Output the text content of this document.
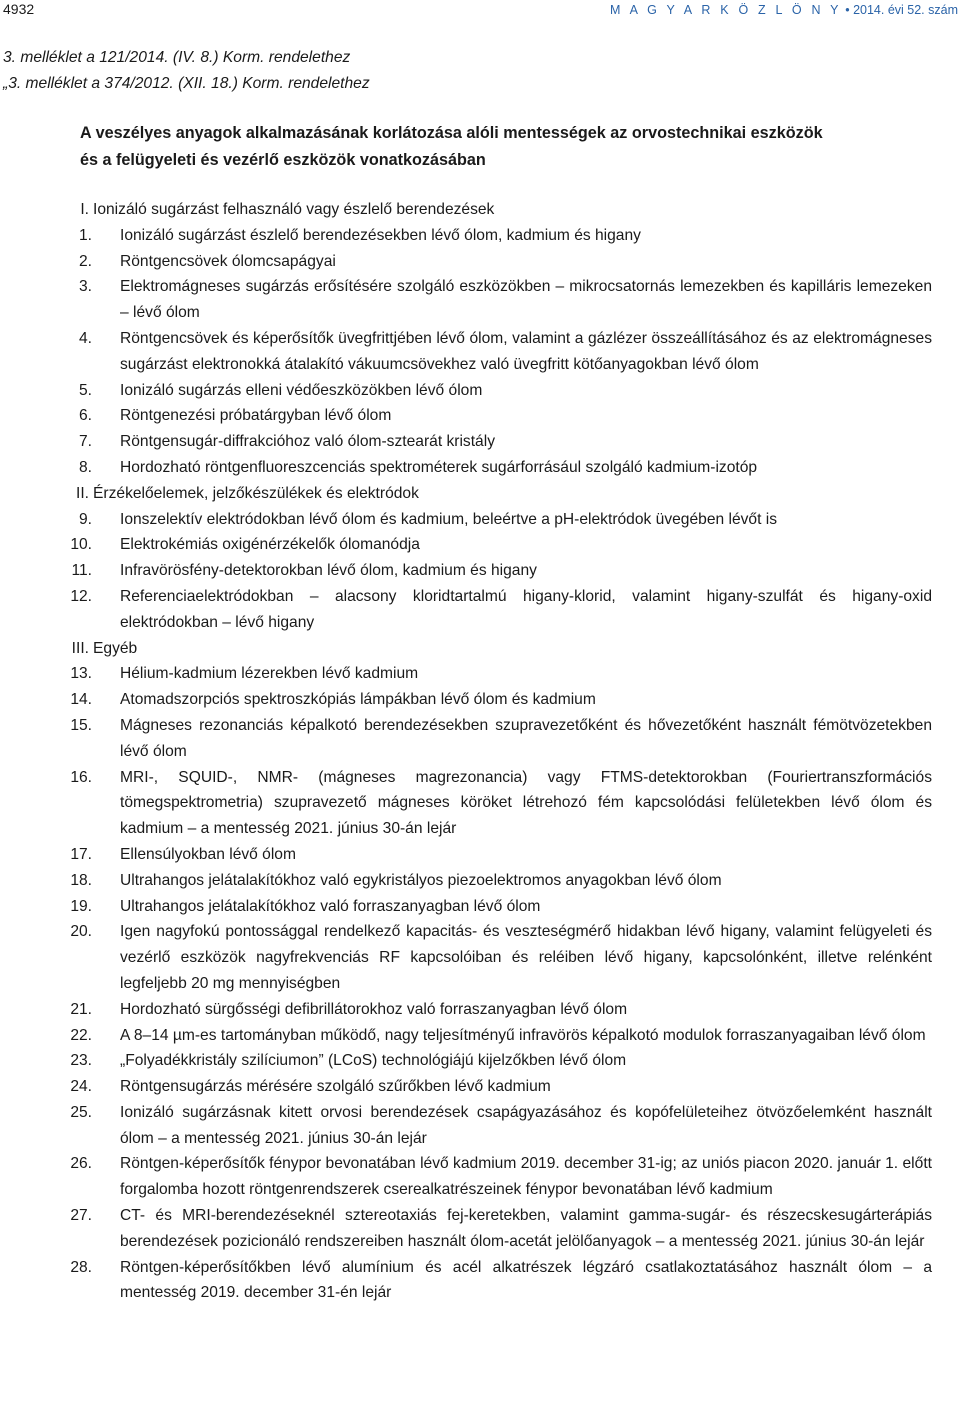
4932	M A G Y A R K Ö Z L Ö N Y • 2014. évi 52. szám
3. melléklet a 121/2014. (IV. 8.) Korm. rendelethez
„3. melléklet a 374/2012. (XII. 18.) Korm. rendelethez
A veszélyes anyagok alkalmazásának korlátozása alóli mentességek az orvostechnikai eszközök
és a felügyeleti és vezérlő eszközök vonatkozásában
I. Ionizáló sugárzást felhasználó vagy észlelő berendezések
1.	Ionizáló sugárzást észlelő berendezésekben lévő ólom, kadmium és higany
2.	Röntgencsövek ólomcsapágyai
3.	Elektromágneses sugárzás erősítésére szolgáló eszközökben – mikrocsatornás lemezekben és kapilláris lemezeken – lévő ólom
4.	Röntgencsövek és képerősítők üvegfrittjében lévő ólom, valamint a gázlézer összeállításához és az elektromágneses sugárzást elektronokká átalakító vákuumcsövekhez való üvegfritt kötőanyagokban lévő ólom
5.	Ionizáló sugárzás elleni védőeszközökben lévő ólom
6.	Röntgenezési próbatárgyban lévő ólom
7.	Röntgensugár-diffrakcióhoz való ólom-sztearát kristály
8.	Hordozható röntgenfluoreszcenciás spektrométerek sugárforrásául szolgáló kadmium-izotóp
II. Érzékelőelemek, jelzőkészülékek és elektródok
9.	Ionszelektív elektródokban lévő ólom és kadmium, beleértve a pH-elektródok üvegében lévőt is
10.	Elektrokémiás oxigénérzékelők ólomanódja
11.	Infravörösfény-detektorokban lévő ólom, kadmium és higany
12.	Referenciaelektródokban – alacsony kloridtartalmú higany-klorid, valamint higany-szulfát és higany-oxid elektródokban – lévő higany
III. Egyéb
13.	Hélium-kadmium lézerekben lévő kadmium
14.	Atomadszorpciós spektroszkópiás lámpákban lévő ólom és kadmium
15.	Mágneses rezonanciás képalkotó berendezésekben szupravezetőként és hővezetőként használt fémötvözetekben lévő ólom
16.	MRI-, SQUID-, NMR- (mágneses magrezonancia) vagy FTMS-detektorokban (Fouriertranszformációs tömegspektrometria) szupravezető mágneses köröket létrehozó fém kapcsolódási felületekben lévő ólom és kadmium – a mentesség 2021. június 30-án lejár
17.	Ellensúlyokban lévő ólom
18.	Ultrahangos jelátalakítókhoz való egykristályos piezoelektromos anyagokban lévő ólom
19.	Ultrahangos jelátalakítókhoz való forraszanyagban lévő ólom
20.	Igen nagyfokú pontossággal rendelkező kapacitás- és veszteségmérő hidakban lévő higany, valamint felügyeleti és vezérlő eszközök nagyfrekvenciás RF kapcsolóiban és reléiben lévő higany, kapcsolónként, illetve relénként legfeljebb 20 mg mennyiségben
21.	Hordozható sürgősségi defibrillátorokhoz való forraszanyagban lévő ólom
22.	A 8–14 µm-es tartományban működő, nagy teljesítményű infravörös képalkotó modulok forraszanyagaiban lévő ólom
23.	„Folyadékkristály szilíciumon” (LCoS) technológiájú kijelzőkben lévő ólom
24.	Röntgensugárzás mérésére szolgáló szűrőkben lévő kadmium
25.	Ionizáló sugárzásnak kitett orvosi berendezések csapágyazásához és kopófelületeihez ötvözőelemként használt ólom – a mentesség 2021. június 30-án lejár
26.	Röntgen-képerősítők fénypor bevonatában lévő kadmium 2019. december 31-ig; az uniós piacon 2020. január 1. előtt forgalomba hozott röntgenrendszerek cserealkatrészeinek fénypor bevonatában lévő kadmium
27.	CT- és MRI-berendezéseknél sztereotaxiás fej-keretekben, valamint gamma-sugár- és részecskesugárterápiás berendezések pozicionáló rendszereiben használt ólom-acetát jelölőanyagok – a mentesség 2021. június 30-án lejár
28.	Röntgen-képerősítőkben lévő alumínium és acél alkatrészek légzáró csatlakoztatásához használt ólom – a mentesség 2019. december 31-én lejár
